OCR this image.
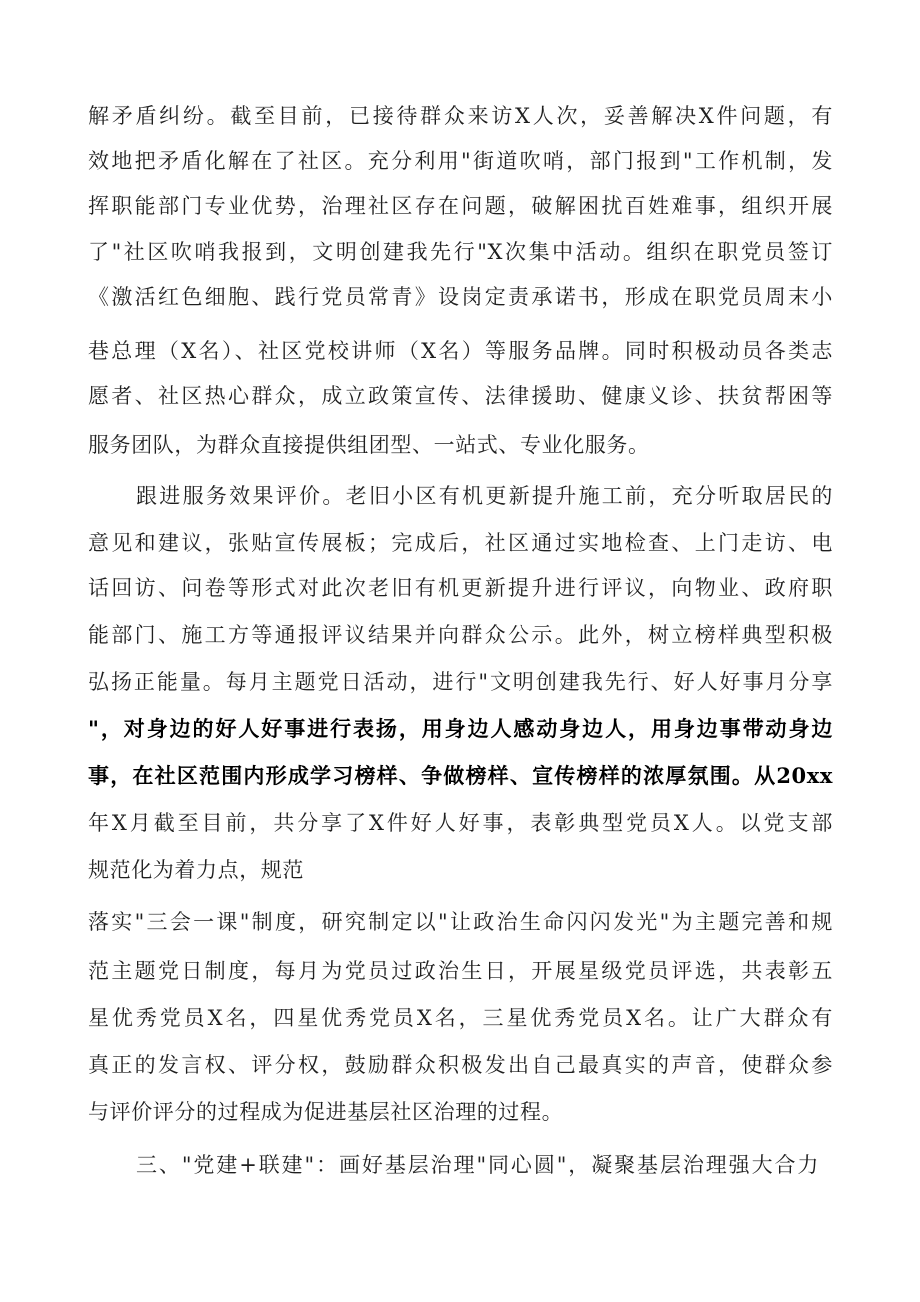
解矛盾纠纷。截至目前，已接待群众来访X人次，妥善解决X件问题，有
效地把矛盾化解在了社区。充分利用"街道吹哨，部门报到"工作机制，发
挥职能部门专业优势，治理社区存在问题，破解困扰百姓难事，组织开展
了"社区吹哨我报到，文明创建我先行"X次集中活动。组织在职党员签订
《激活红色细胞、践行党员常青》设岗定责承诺书，形成在职党员周末小
巷总理（X名）、社区党校讲师（X名）等服务品牌。同时积极动员各类志
愿者、社区热心群众，成立政策宣传、法律援助、健康义诊、扶贫帮困等
服务团队，为群众直接提供组团型、一站式、专业化服务。
跟进服务效果评价。老旧小区有机更新提升施工前，充分听取居民的
意见和建议，张贴宣传展板；完成后，社区通过实地检查、上门走访、电
话回访、问卷等形式对此次老旧有机更新提升进行评议，向物业、政府职
能部门、施工方等通报评议结果并向群众公示。此外，树立榜样典型积极
弘扬正能量。每月主题党日活动，进行"文明创建我先行、好人好事月分享
"，对身边的好人好事进行表扬，用身边人感动身边人，用身边事带动身边
事，在社区范围内形成学习榜样、争做榜样、宣传榜样的浓厚氛围。从20xx
年X月截至目前，共分享了X件好人好事，表彰典型党员X人。以党支部
规范化为着力点，规范
落实"三会一课"制度，研究制定以"让政治生命闪闪发光"为主题完善和规
范主题党日制度，每月为党员过政治生日，开展星级党员评选，共表彰五
星优秀党员X名，四星优秀党员X名，三星优秀党员X名。让广大群众有
真正的发言权、评分权，鼓励群众积极发出自己最真实的声音，使群众参
与评价评分的过程成为促进基层社区治理的过程。
三、"党建+联建"：画好基层治理"同心圆"，凝聚基层治理强大合力
